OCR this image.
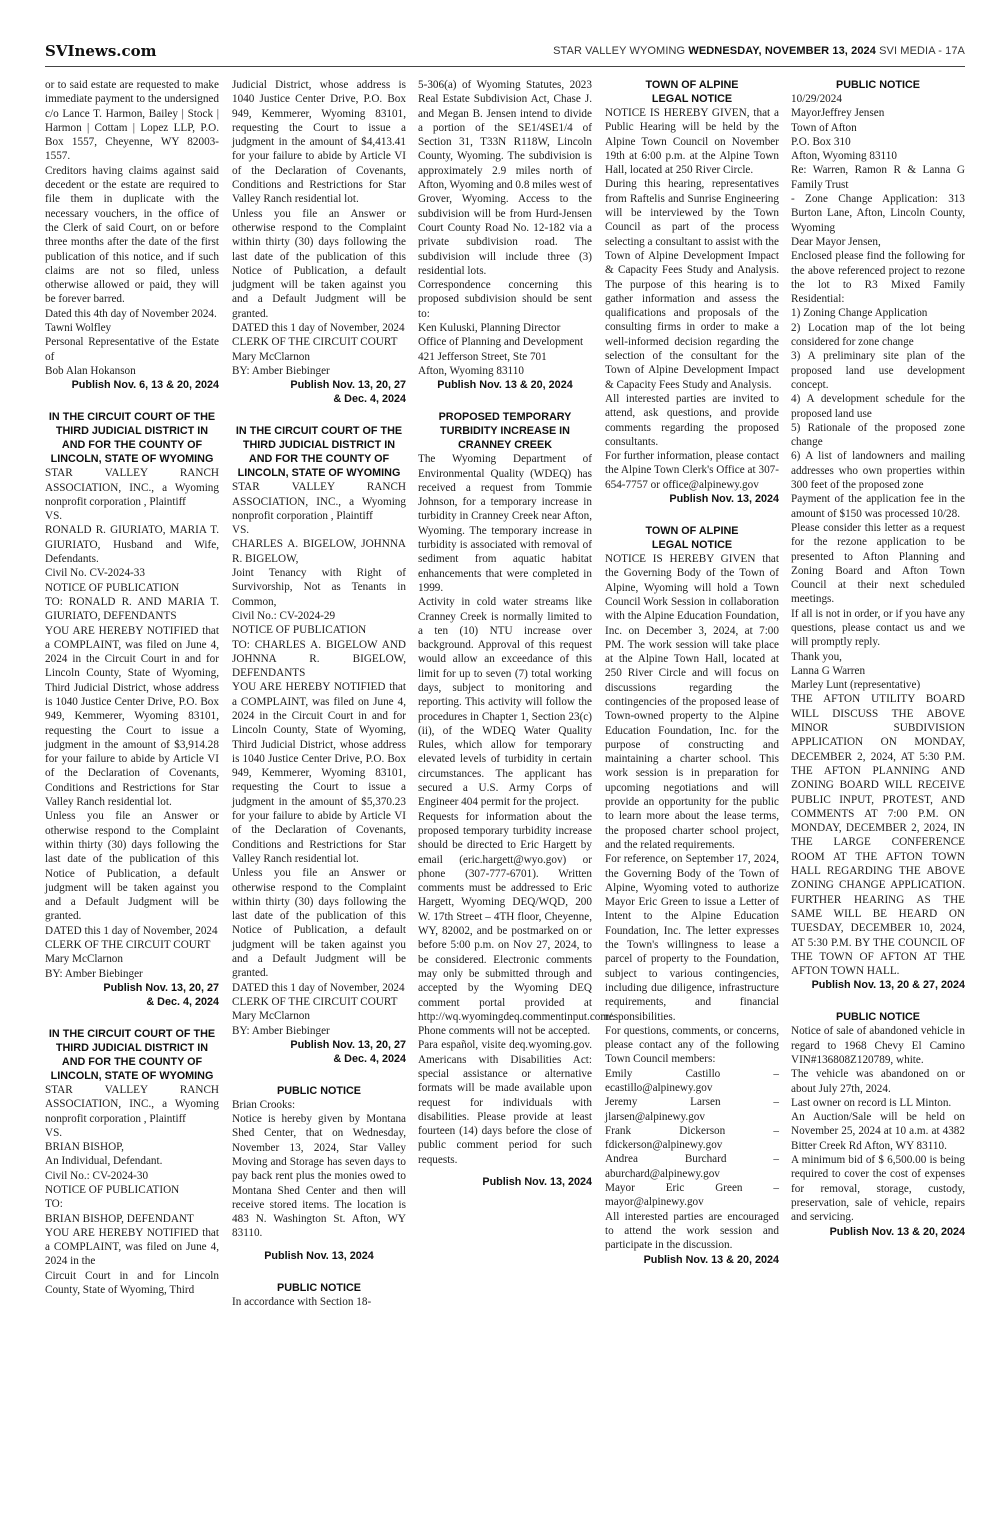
SVInews.com	STAR VALLEY WYOMING WEDNESDAY, NOVEMBER 13, 2024 SVI MEDIA - 17A

or to said estate are requested to make immediate payment to the undersigned c/o Lance T. Harmon, Bailey | Stock | Harmon | Cottam | Lopez LLP, P.O. Box 1557, Cheyenne, WY 82003-1557.

Creditors having claims against said decedent or the estate are required to file them in duplicate with the necessary vouchers, in the office of the Clerk of said Court, on or before three months after the date of the first publication of this notice, and if such claims are not so filed, unless otherwise allowed or paid, they will be forever barred.

Dated this 4th day of November 2024.

Tawni Wolfley

Personal Representative of the Estate of

Bob Alan Hokanson

Publish Nov. 6, 13 & 20, 2024

IN THE CIRCUIT COURT OF THE THIRD JUDICIAL DISTRICT IN AND FOR THE COUNTY OF LINCOLN, STATE OF WYOMING

STAR VALLEY RANCH ASSOCIATION, INC., a Wyoming nonprofit corporation , Plaintiff

VS.

RONALD R. GIURIATO, MARIA T. GIURIATO, Husband and Wife, Defendants.

Civil No. CV-2024-33

NOTICE OF PUBLICATION

TO: RONALD R. AND MARIA T. GIURIATO, DEFENDANTS

YOU ARE HEREBY NOTIFIED that a COMPLAINT, was filed on June 4, 2024 in the Circuit Court in and for Lincoln County, State of Wyoming, Third Judicial District, whose address is 1040 Justice Center Drive, P.O. Box 949, Kemmerer, Wyoming 83101, requesting the Court to issue a judgment in the amount of $3,914.28 for your failure to abide by Article VI of the Declaration of Covenants, Conditions and Restrictions for Star Valley Ranch residential lot.

Unless you file an Answer or otherwise respond to the Complaint within thirty (30) days following the last date of the publication of this Notice of Publication, a default judgment will be taken against you and a Default Judgment will be granted.

DATED this 1 day of November, 2024

CLERK OF THE CIRCUIT COURT

Mary McClarnon

BY: Amber Biebinger

Publish Nov. 13, 20, 27

& Dec. 4, 2024

IN THE CIRCUIT COURT OF THE THIRD JUDICIAL DISTRICT IN AND FOR THE COUNTY OF LINCOLN, STATE OF WYOMING

STAR VALLEY RANCH ASSOCIATION, INC., a Wyoming nonprofit corporation , Plaintiff

VS.

BRIAN BISHOP,

An Individual, Defendant.

Civil No.: CV-2024-30

NOTICE OF PUBLICATION

TO:

BRIAN BISHOP, DEFENDANT

YOU ARE HEREBY NOTIFIED that a COMPLAINT, was filed on June 4, 2024 in the

Circuit Court in and for Lincoln County, State of Wyoming, Third

Judicial District, whose address is 1040 Justice Center Drive, P.O. Box 949, Kemmerer, Wyoming 83101, requesting the Court to issue a judgment in the amount of $4,413.41 for your failure to abide by Article VI of the Declaration of Covenants, Conditions and Restrictions for Star Valley Ranch residential lot.

Unless you file an Answer or otherwise respond to the Complaint within thirty (30) days following the last date of the publication of this Notice of Publication, a default judgment will be taken against you and a Default Judgment will be granted.

DATED this 1 day of November, 2024

CLERK OF THE CIRCUIT COURT

Mary McClarnon

BY: Amber Biebinger

Publish Nov. 13, 20, 27

& Dec. 4, 2024

IN THE CIRCUIT COURT OF THE THIRD JUDICIAL DISTRICT IN AND FOR THE COUNTY OF LINCOLN, STATE OF WYOMING

STAR VALLEY RANCH ASSOCIATION, INC., a Wyoming nonprofit corporation , Plaintiff

VS.

CHARLES A. BIGELOW, JOHNNA R. BIGELOW,

Joint Tenancy with Right of Survivorship, Not as Tenants in Common,

Civil No.: CV-2024-29

NOTICE OF PUBLICATION

TO: CHARLES A. BIGELOW AND JOHNNA R. BIGELOW, DEFENDANTS

YOU ARE HEREBY NOTIFIED that a COMPLAINT, was filed on June 4, 2024 in the Circuit Court in and for Lincoln County, State of Wyoming, Third Judicial District, whose address is 1040 Justice Center Drive, P.O. Box 949, Kemmerer, Wyoming 83101, requesting the Court to issue a judgment in the amount of $5,370.23 for your failure to abide by Article VI of the Declaration of Covenants, Conditions and Restrictions for Star Valley Ranch residential lot.

Unless you file an Answer or otherwise respond to the Complaint within thirty (30) days following the last date of the publication of this Notice of Publication, a default judgment will be taken against you and a Default Judgment will be granted.

DATED this 1 day of November, 2024

CLERK OF THE CIRCUIT COURT

Mary McClarnon

BY: Amber Biebinger

Publish Nov. 13, 20, 27

& Dec. 4, 2024

PUBLIC NOTICE

Brian Crooks:

Notice is hereby given by Montana Shed Center, that on Wednesday, November 13, 2024, Star Valley Moving and Storage has seven days to pay back rent plus the monies owed to Montana Shed Center and then will receive stored items. The location is 483 N. Washington St. Afton, WY 83110.

Publish Nov. 13, 2024

PUBLIC NOTICE

In accordance with Section 18-

5-306(a) of Wyoming Statutes, 2023 Real Estate Subdivision Act, Chase J. and Megan B. Jensen intend to divide a portion of the SE1/4SE1/4 of Section 31, T33N R118W, Lincoln County, Wyoming. The subdivision is approximately 2.9 miles north of Afton, Wyoming and 0.8 miles west of Grover, Wyoming. Access to the subdivision will be from Hurd-Jensen Court County Road No. 12-182 via a private subdivision road. The subdivision will include three (3) residential lots.

Correspondence concerning this proposed subdivision should be sent to:

Ken Kuluski, Planning Director

Office of Planning and Development

421 Jefferson Street, Ste 701

Afton, Wyoming 83110

Publish Nov. 13 & 20, 2024

PROPOSED TEMPORARY TURBIDITY INCREASE IN CRANNEY CREEK

The Wyoming Department of Environmental Quality (WDEQ) has received a request from Tommie Johnson, for a temporary increase in turbidity in Cranney Creek near Afton, Wyoming. The temporary increase in turbidity is associated with removal of sediment from aquatic habitat enhancements that were completed in 1999.

Activity in cold water streams like Cranney Creek is normally limited to a ten (10) NTU increase over background. Approval of this request would allow an exceedance of this limit for up to seven (7) total working days, subject to monitoring and reporting. This activity will follow the procedures in Chapter 1, Section 23(c)(ii), of the WDEQ Water Quality Rules, which allow for temporary elevated levels of turbidity in certain circumstances. The applicant has secured a U.S. Army Corps of Engineer 404 permit for the project.

Requests for information about the proposed temporary turbidity increase should be directed to Eric Hargett by email (eric.hargett@wyo.gov) or phone (307-777-6701). Written comments must be addressed to Eric Hargett, Wyoming DEQ/WQD, 200 W. 17th Street – 4TH floor, Cheyenne, WY, 82002, and be postmarked on or before 5:00 p.m. on Nov 27, 2024, to be considered. Electronic comments may only be submitted through and accepted by the Wyoming DEQ comment portal provided at http://wq.wyomingdeq.commentinput.com/. Phone comments will not be accepted.

Para español, visite deq.wyoming.gov. Americans with Disabilities Act: special assistance or alternative formats will be made available upon request for individuals with disabilities. Please provide at least fourteen (14) days before the close of public comment period for such requests.

Publish Nov. 13, 2024

TOWN OF ALPINE

LEGAL NOTICE

NOTICE IS HEREBY GIVEN, that a Public Hearing will be held by the Alpine Town Council on November 19th at 6:00 p.m. at the Alpine Town Hall, located at 250 River Circle.

During this hearing, representatives from Raftelis and Sunrise Engineering will be interviewed by the Town Council as part of the process selecting a consultant to assist with the Town of Alpine Development Impact & Capacity Fees Study and Analysis. The purpose of this hearing is to gather information and assess the qualifications and proposals of the consulting firms in order to make a well-informed decision regarding the selection of the consultant for the Town of Alpine Development Impact & Capacity Fees Study and Analysis.

All interested parties are invited to attend, ask questions, and provide comments regarding the proposed consultants.

For further information, please contact the Alpine Town Clerk's Office at 307-654-7757 or office@alpinewy.gov

Publish Nov. 13, 2024

TOWN OF ALPINE

LEGAL NOTICE

NOTICE IS HEREBY GIVEN that the Governing Body of the Town of Alpine, Wyoming will hold a Town Council Work Session in collaboration with the Alpine Education Foundation, Inc. on December 3, 2024, at 7:00 PM. The work session will take place at the Alpine Town Hall, located at 250 River Circle and will focus on discussions regarding the contingencies of the proposed lease of Town-owned property to the Alpine Education Foundation, Inc. for the purpose of constructing and maintaining a charter school. This work session is in preparation for upcoming negotiations and will provide an opportunity for the public to learn more about the lease terms, the proposed charter school project, and the related requirements.

For reference, on September 17, 2024, the Governing Body of the Town of Alpine, Wyoming voted to authorize Mayor Eric Green to issue a Letter of Intent to the Alpine Education Foundation, Inc. The letter expresses the Town's willingness to lease a parcel of property to the Foundation, subject to various contingencies, including due diligence, infrastructure requirements, and financial responsibilities.

For questions, comments, or concerns, please contact any of the following Town Council members:

Emily Castillo – ecastillo@alpinewy.gov

Jeremy Larsen – jlarsen@alpinewy.gov

Frank Dickerson – fdickerson@alpinewy.gov

Andrea Burchard – aburchard@alpinewy.gov

Mayor Eric Green – mayor@alpinewy.gov

All interested parties are encouraged to attend the work session and participate in the discussion.

Publish Nov. 13 & 20, 2024

PUBLIC NOTICE

10/29/2024

MayorJeffrey Jensen

Town of Afton

P.O. Box 310

Afton, Wyoming 83110

Re: Warren, Ramon R & Lanna G Family Trust

- Zone Change Application: 313 Burton Lane, Afton, Lincoln County, Wyoming

Dear Mayor Jensen,

Enclosed please find the following for the above referenced project to rezone the lot to R3 Mixed Family Residential:

1) Zoning Change Application

2) Location map of the lot being considered for zone change

3) A preliminary site plan of the proposed land use development concept.

4) A development schedule for the proposed land use

5) Rationale of the proposed zone change

6) A list of landowners and mailing addresses who own properties within 300 feet of the proposed zone

Payment of the application fee in the amount of $150 was processed 10/28.

Please consider this letter as a request for the rezone application to be presented to Afton Planning and Zoning Board and Afton Town Council at their next scheduled meetings.

If all is not in order, or if you have any questions, please contact us and we will promptly reply.

Thank you,

Lanna G Warren

Marley Lunt (representative)

THE AFTON UTILITY BOARD WILL DISCUSS THE ABOVE MINOR SUBDIVISION APPLICATION ON MONDAY, DECEMBER 2, 2024, AT 5:30 P.M. THE AFTON PLANNING AND ZONING BOARD WILL RECEIVE PUBLIC INPUT, PROTEST, AND COMMENTS AT 7:00 P.M. ON MONDAY, DECEMBER 2, 2024, IN THE LARGE CONFERENCE ROOM AT THE AFTON TOWN HALL REGARDING THE ABOVE ZONING CHANGE APPLICATION. FURTHER HEARING AS THE SAME WILL BE HEARD ON TUESDAY, DECEMBER 10, 2024, AT 5:30 P.M. BY THE COUNCIL OF THE TOWN OF AFTON AT THE AFTON TOWN HALL.

Publish Nov. 13, 20 & 27, 2024

PUBLIC NOTICE

Notice of sale of abandoned vehicle in regard to 1968 Chevy El Camino VIN#136808Z120789, white.

The vehicle was abandoned on or about July 27th, 2024.

Last owner on record is LL Minton.

An Auction/Sale will be held on November 25, 2024 at 10 a.m. at 4382 Bitter Creek Rd Afton, WY 83110.

A minimum bid of $ 6,500.00 is being required to cover the cost of expenses for removal, storage, custody, preservation, sale of vehicle, repairs and servicing.

Publish Nov. 13 & 20, 2024
